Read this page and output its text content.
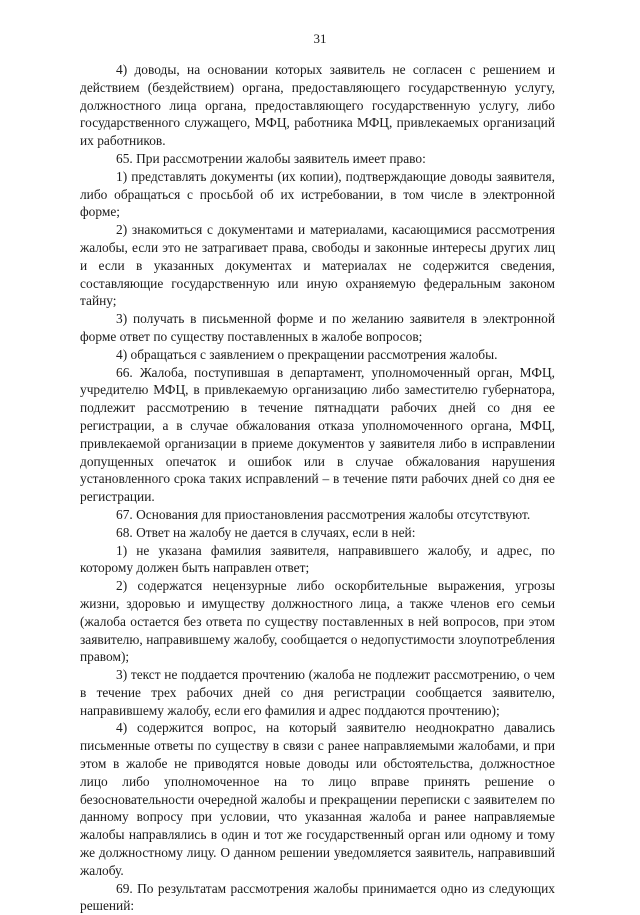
31

4) доводы, на основании которых заявитель не согласен с решением и действием (бездействием) органа, предоставляющего государственную услугу, должностного лица органа, предоставляющего государственную услугу, либо государственного служащего, МФЦ, работника МФЦ, привлекаемых организаций их работников.

65. При рассмотрении жалобы заявитель имеет право:

1) представлять документы (их копии), подтверждающие доводы заявителя, либо обращаться с просьбой об их истребовании, в том числе в электронной форме;

2) знакомиться с документами и материалами, касающимися рассмотрения жалобы, если это не затрагивает права, свободы и законные интересы других лиц и если в указанных документах и материалах не содержится сведения, составляющие государственную или иную охраняемую федеральным законом тайну;

3) получать в письменной форме и по желанию заявителя в электронной форме ответ по существу поставленных в жалобе вопросов;

4) обращаться с заявлением о прекращении рассмотрения жалобы.

66. Жалоба, поступившая в департамент, уполномоченный орган, МФЦ, учредителю МФЦ, в привлекаемую организацию либо заместителю губернатора, подлежит рассмотрению в течение пятнадцати рабочих дней со дня ее регистрации, а в случае обжалования отказа уполномоченного органа, МФЦ, привлекаемой организации в приеме документов у заявителя либо в исправлении допущенных опечаток и ошибок или в случае обжалования нарушения установленного срока таких исправлений – в течение пяти рабочих дней со дня ее регистрации.

67. Основания для приостановления рассмотрения жалобы отсутствуют.

68. Ответ на жалобу не дается в случаях, если в ней:

1) не указана фамилия заявителя, направившего жалобу, и адрес, по которому должен быть направлен ответ;

2) содержатся нецензурные либо оскорбительные выражения, угрозы жизни, здоровью и имуществу должностного лица, а также членов его семьи (жалоба остается без ответа по существу поставленных в ней вопросов, при этом заявителю, направившему жалобу, сообщается о недопустимости злоупотребления правом);

3) текст не поддается прочтению (жалоба не подлежит рассмотрению, о чем в течение трех рабочих дней со дня регистрации сообщается заявителю, направившему жалобу, если его фамилия и адрес поддаются прочтению);

4) содержится вопрос, на который заявителю неоднократно давались письменные ответы по существу в связи с ранее направляемыми жалобами, и при этом в жалобе не приводятся новые доводы или обстоятельства, должностное лицо либо уполномоченное на то лицо вправе принять решение о безосновательности очередной жалобы и прекращении переписки с заявителем по данному вопросу при условии, что указанная жалоба и ранее направляемые жалобы направлялись в один и тот же государственный орган или одному и тому же должностному лицу. О данном решении уведомляется заявитель, направивший жалобу.

69. По результатам рассмотрения жалобы принимается одно из следующих решений:
